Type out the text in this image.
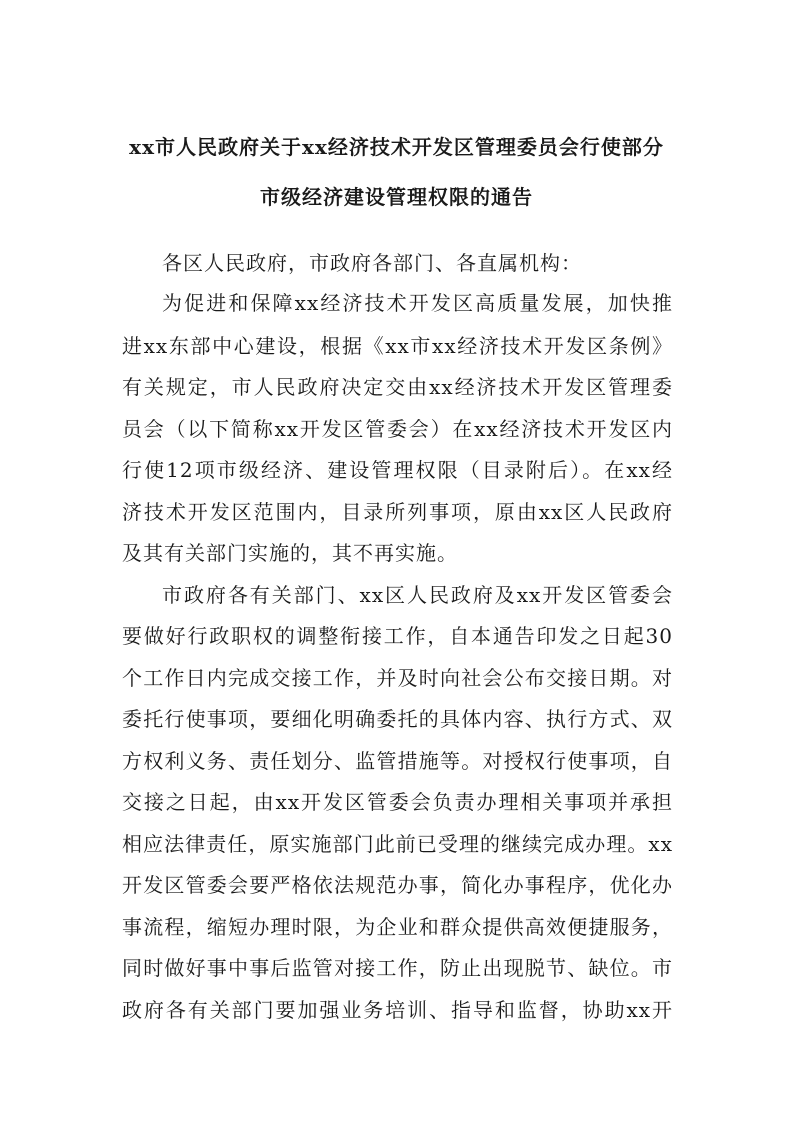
xx市人民政府关于xx经济技术开发区管理委员会行使部分
市级经济建设管理权限的通告
各区人民政府，市政府各部门、各直属机构：
为促进和保障xx经济技术开发区高质量发展，加快推
进xx东部中心建设，根据《xx市xx经济技术开发区条例》
有关规定，市人民政府决定交由xx经济技术开发区管理委
员会（以下简称xx开发区管委会）在xx经济技术开发区内
行使12项市级经济、建设管理权限（目录附后）。在xx经
济技术开发区范围内，目录所列事项，原由xx区人民政府
及其有关部门实施的，其不再实施。
市政府各有关部门、xx区人民政府及xx开发区管委会
要做好行政职权的调整衔接工作，自本通告印发之日起30
个工作日内完成交接工作，并及时向社会公布交接日期。对
委托行使事项，要细化明确委托的具体内容、执行方式、双
方权利义务、责任划分、监管措施等。对授权行使事项，自
交接之日起，由xx开发区管委会负责办理相关事项并承担
相应法律责任，原实施部门此前已受理的继续完成办理。xx
开发区管委会要严格依法规范办事，简化办事程序，优化办
事流程，缩短办理时限，为企业和群众提供高效便捷服务，
同时做好事中事后监管对接工作，防止出现脱节、缺位。市
政府各有关部门要加强业务培训、指导和监督，协助xx开
